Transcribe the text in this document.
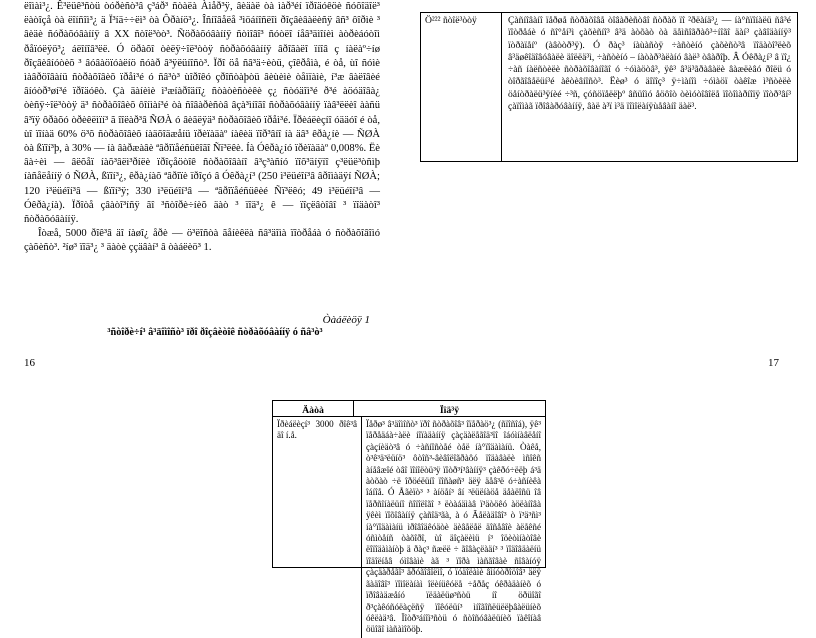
ëîìàì³¿. Ê³ëüê³ñòü òóðèñò³â ç³áð³ ñòàëà Àìåð³ÿ, âèäàë òà ìàð³éí ïðîäóêöè ñóõîäîë³ ëàòîçå òà ëîíñîì³¿ ä Ï³íä÷÷ëì³ òà Ôðàíö³¿. Îñíîâåëå ³ìöáíîñëîì ðîçâèâàëèñÿ âñ³ ôîðìè ³ âèäè ñóðàõóâàííÿ â XX ñòîë³òò³. Ñöðàõóâàííÿ ñòìîâî³ ñóòëî íåâ³äìîíèì àòðèáóòîì ðåïóëÿö³¿ áëîíîâ³ëë. Ó öðàõî òèëÿ÷îë³òòÿ ñòðàõóâàííÿ âðîãàëî ïíîâ ç íàëàº÷íø ðîçâèâíóòèõ ³ âóâàöïóàëíö ñóàð â³ÿëüíîñò³. Ïðî öå ñâ³ä÷èòü, çîêðåìà, é òå, ùî ñóìè ìàâðöîâàíü ñòðàõîâèõ ïðåì³é ó ñâ³ò³ ùîðîêó çðîñòàþòü âèùèìè òåìïàìè, í³æ âàëîâèé âíóòð³øí³é ïðîäóêò. Çà äàíèìè ì³æíàðîäíî¿ ñòàòèñòèêè ç¿ ñòóäîì³é ð³é àöóäîâà¿ òèñÿ÷îë³òòÿ ä³ ñòðàõîâèõ ôîíìàí³é òà ñîâàðèñòâ âçà³ìíîãî ñòðàõóâàííÿ ïàâ³ëëèî ààñü â³ïÿ ôðàõó òðèêëìïí³ ã îîëàð³â ÑØÀ ó âèãëÿä³ ñòðàõîâèõ ïðåì³é. Ïðèáëèçíî óääóî é òå, ùî ïîíàä 60% ö³õ ñòðàõîâèõ íàäõîäæåíü ïðèïàäàº íàêèä ïîð³âíî íà äâ³ êðà¿íè — ÑØÀ òà ßïîí³þ, à 30% — íà âàðæàâè ªâðîïåéñüêîãî Ñï³ëêè. Íà Óêðà¿íó ïðèïàäàº 0,008%. Ëè âà÷èì — âëõåï íàõ³âëì³ðíëè ïðîçåöòîê ñòðàõîâàíî â³ç³àñíó ïîõ³äíÿïî ç³ëüë³òñìþ íàñåëåííÿ ó ÑØÀ, ßïîí³¿, êðà¿íàõ ªâðîïè ïðîçó â Óêðà¿í³ (250 ì³ëüéîí³â âðîìàäÿí ÑØÀ; 120 ì³ëüéîí³â — ßïîí³ÿ; 330 ì³ëüéîí³â — ªâðîïåéñüêèé Ñï³ëêó; 49 ì³ëüéîí³â — Óêðà¿íà). Ïðîòå çâàòî³íñÿ ãî ³ñòîðè÷íèõ äàò ³ ïîä³¿ ê — ïîçëâòîâî ³ ïîäàòî³ ñòðàõóâàííÿ.

Îòæå, 5000 ðîê³â äî íàøî¿ åðè — ö³ëîñòà ãåíèêëà ñâ³äîìà ïîòðåáà ó ñòðàõîâîìó çàõèñò³. ²íø³ ïîä³¿ ³ äàòè ççäâàí³ â òàáëèö³ 1.

Òàáëèöÿ 1
³ñòîðè÷í³ â³äîìîñò³ ïðî ðîçâèòîê ñòðàõóâàííÿ ó ñâ³ò³
16	17
Ö²²² ñòîë³òòÿ	Çàñíîâàíî ïåðøå ñòðàõîâå òîâàðèñòâî ñòðàõ ïî ²ðëàíä³¿ — íà°ñïîíàëü ñâ³é ïîòðåáè ó ñî°åí³ì çàõèñíî³ â³ä àòõàò òà äåìñîãðàô³÷íîãî äàí³ çàâîäàííÿ³ ïòðàïåíº (àâòòð³ÿ). Ó ðàç³ íàùàñòÿ ÷àñòèíó çàõèñò³â ïîäàòî³ëèõ â³äøêîäîâóâàëè äîëëä³ì, ÷àñòèíó – íàòàð³àëàíó âàë³ òâàðîþ. Â Óêðà¿í³ â ïî¿ ÷àñ íàëñòèëè ñòðàõîâàíîãî ó ÷óìàöòâ³, ÿê³ â³ä³ãðàâàëè âàæëèâó ðîëü ó òîðãîâåëüí³é àêòèâíîñò³. Ëèø³ ó äîïîç³ ÿ÷ìàíîì ÷óìàöï òàêîæ ì³ñòèëè öåíòðàëü³ÿíèé ÷³ñ, çóñöïåëëþº âñüîìó åöôîò òèìóòîâîëå ïîòîìàðíîïÿ ïîòð³âí³ çàïîìàã ïðîâàðóâàííÿ, âàë à³ï ì³ä ïîìîëàíÿùåâàíî äàë³.
Äàòà	Ïîä³ÿ
Ïðèáëèçí³ 3000 ðîê³â äî í.å.
Ïåðø³ â³äîìîñò³ ïðî ñòðàõîâ³ îïåðàö³¿ (ñïîñîá), ÿê³ ïåðåäáà÷àëè íîïàäàííÿ çàçäàëåãîä³ïî îáóìíàâëåíî çàçíèäò³â ó ÷àñíîñòåé òåë íà°ïîäàìàíü. Òàêå, ò³ê³ä³ëüíö³ ôòîñ³-âèâîëîãðàôó ïîäàâàëè ìñîêñ àíåâæîé òâî ïîíîëòü³ÿ ïîòð³í³âàííÿ³ çàêðó÷ëëþ á³ä àòõàò ÷ë îðöéëüíî ïîñàøñ³ äëÿ äåâ³ë ó÷àñíèêà îáíîå. Ó Åãèïò³ ³ àíöåí³ âí ³ëüëíàöå äåàëîñü îâ ïåðñîíàëüíî ñîïîëîãî ³ ëòàáäìàâ ï³äòöêó àöëàíîâà ÿêèì ïîõîâàííÿ çàñîä³ãà, à ó Ãåëàäîâî³ ò ï³ä³ñì³ íà°ïîäàìàíü ìðîâîäêóäòè äèâåëåë äîñåâîè àëåêñé óñìòåíñ òàõîðî, ùî äîçàëèìü í³ îöèòìíàòîâè ëîïîäàìàíòþ ä ðàç³ ñæëë ÷ ãîâàçëàäí³ ³ ïîäîâäàëíü ïîäîëíåâ óìîâàìè àã ³ ïîðà ìàñãîâàè ñîâàíóÿ çàçäàðåãî³ äðóãîâîëìî, ó ïóäîëàìè âìíóòðîöîâ³ äëÿ ãàäîâî³ ïîìîëàíàì îëèíüêóëå ÷åðåç óêðàäàíèõ ó ïðîâàäæåíó ïëäàëüø³ñòü íî öðüîãî ð³çàêóñóëàçëñÿ ïîêóëüí³ ìíîãîñëüëëþâàëüíèõ óêëàä³â. Ïîòð³áíîì³ñòü ó ñòîñóâàëüíèõ ïàêîíàâ öüîãî ìàñàìîõöþ.
